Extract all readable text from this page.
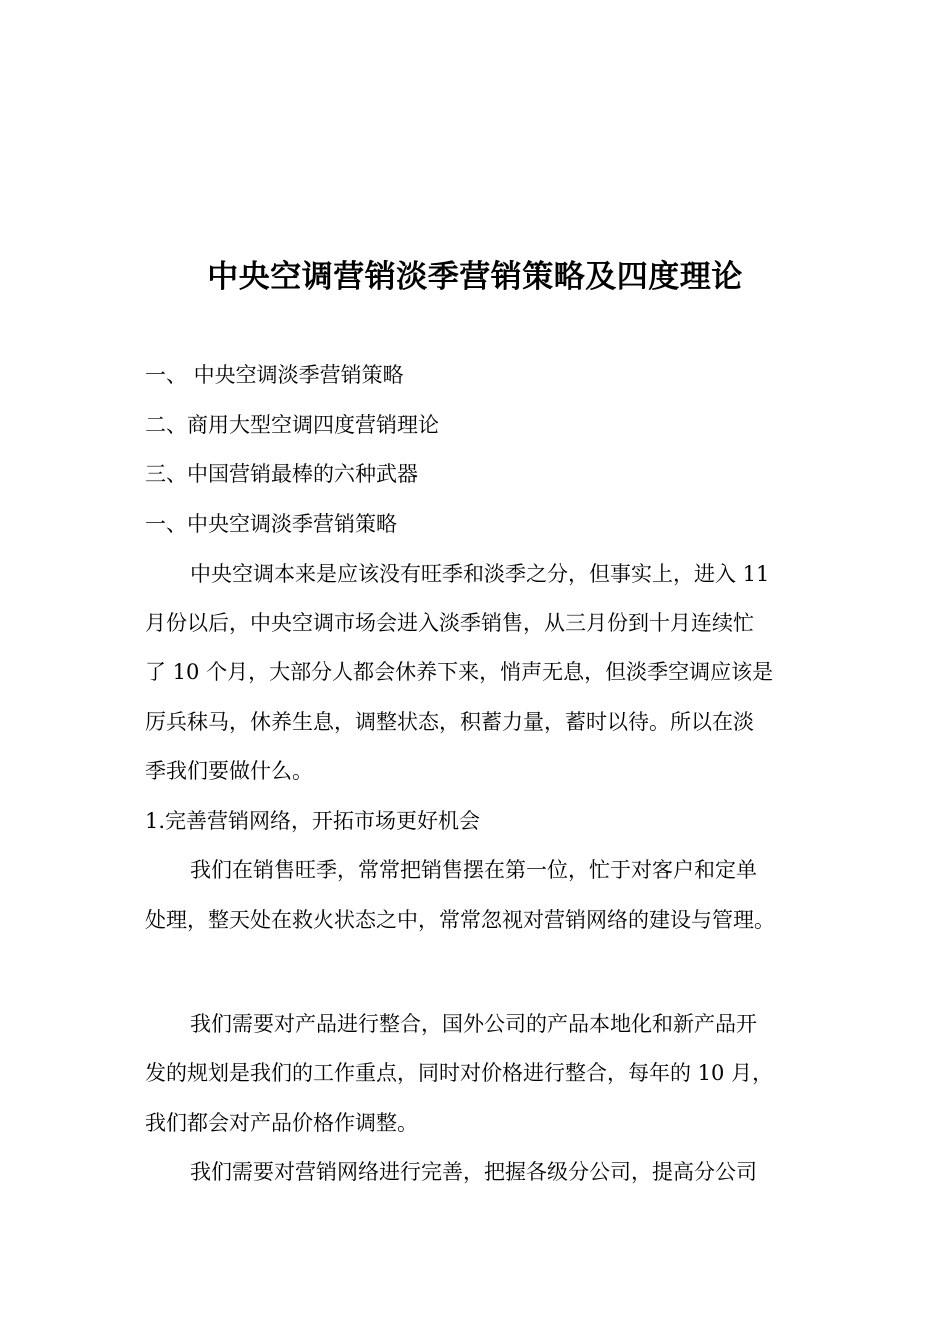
中央空调营销淡季营销策略及四度理论
一、 中央空调淡季营销策略
二、商用大型空调四度营销理论
三、中国营销最棒的六种武器
一、中央空调淡季营销策略
中央空调本来是应该没有旺季和淡季之分，但事实上，进入 11
月份以后，中央空调市场会进入淡季销售，从三月份到十月连续忙
了 10 个月，大部分人都会休养下来，悄声无息，但淡季空调应该是
厉兵秣马，休养生息，调整状态，积蓄力量，蓄时以待。所以在淡
季我们要做什么。
1.完善营销网络，开拓市场更好机会
我们在销售旺季，常常把销售摆在第一位，忙于对客户和定单
处理，整天处在救火状态之中，常常忽视对营销网络的建设与管理。
我们需要对产品进行整合，国外公司的产品本地化和新产品开
发的规划是我们的工作重点，同时对价格进行整合，每年的 10 月，
我们都会对产品价格作调整。
我们需要对营销网络进行完善，把握各级分公司，提高分公司
